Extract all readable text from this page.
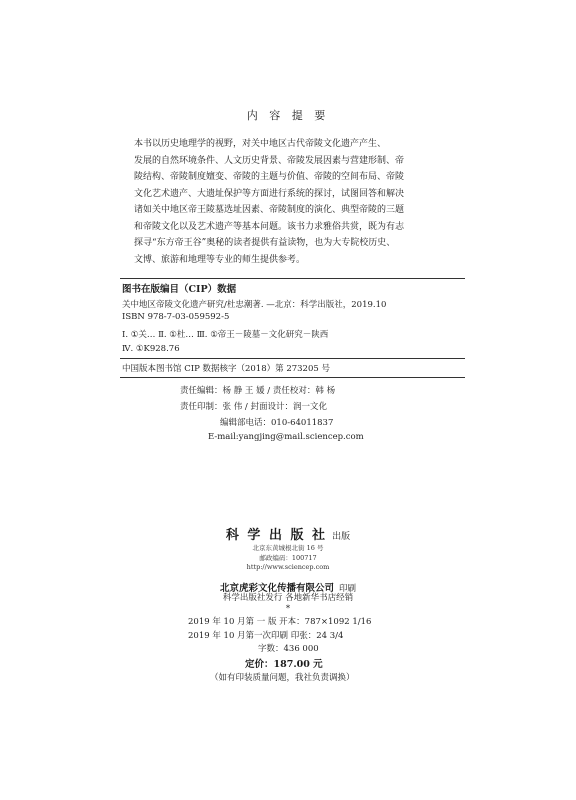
内 容 提 要
本书以历史地理学的视野，对关中地区古代帝陵文化遗产产生、
发展的自然环境条件、人文历史背景、帝陵发展因素与营建形制、帝
陵结构、帝陵制度嬗变、帝陵的主题与价值、帝陵的空间布局、帝陵
文化艺术遗产、大遗址保护等方面进行系统的探讨，试图回答和解决
诸如关中地区帝王陵墓选址因素、帝陵制度的演化、典型帝陵的三题
和帝陵文化以及艺术遗产等基本问题。该书力求雅俗共赏，既为有志
探寻“东方帝王谷”奥秘的读者提供有益读物，也为大专院校历史、
文博、旅游和地理等专业的师生提供参考。
图书在版编目（CIP）数据
关中地区帝陵文化遗产研究/杜忠潮著. —北京：科学出版社，2019.10
ISBN 978-7-03-059592-5
Ⅰ. ①关… Ⅱ. ①杜… Ⅲ. ①帝王－陵墓－文化研究－陕西
Ⅳ. ①K928.76
中国版本图书馆 CIP 数据核字（2018）第 273205 号
责任编辑：杨 静 王 媛 / 责任校对：韩 杨
责任印制：张 伟 / 封面设计：润一文化
编辑部电话：010-64011837
E-mail:yangjing@mail.sciencep.com
科 学 出 版 社 出版
北京东黄城根北街 16 号
邮政编码：100717
http://www.sciencep.com
北京虎彩文化传播有限公司 印刷
科学出版社发行 各地新华书店经销
*
2019 年 10 月第 一 版 开本：787×1092 1/16
2019 年 10 月第一次印刷 印张：24 3/4
字数：436 000
定价：187.00 元
（如有印装质量问题，我社负责调换）
